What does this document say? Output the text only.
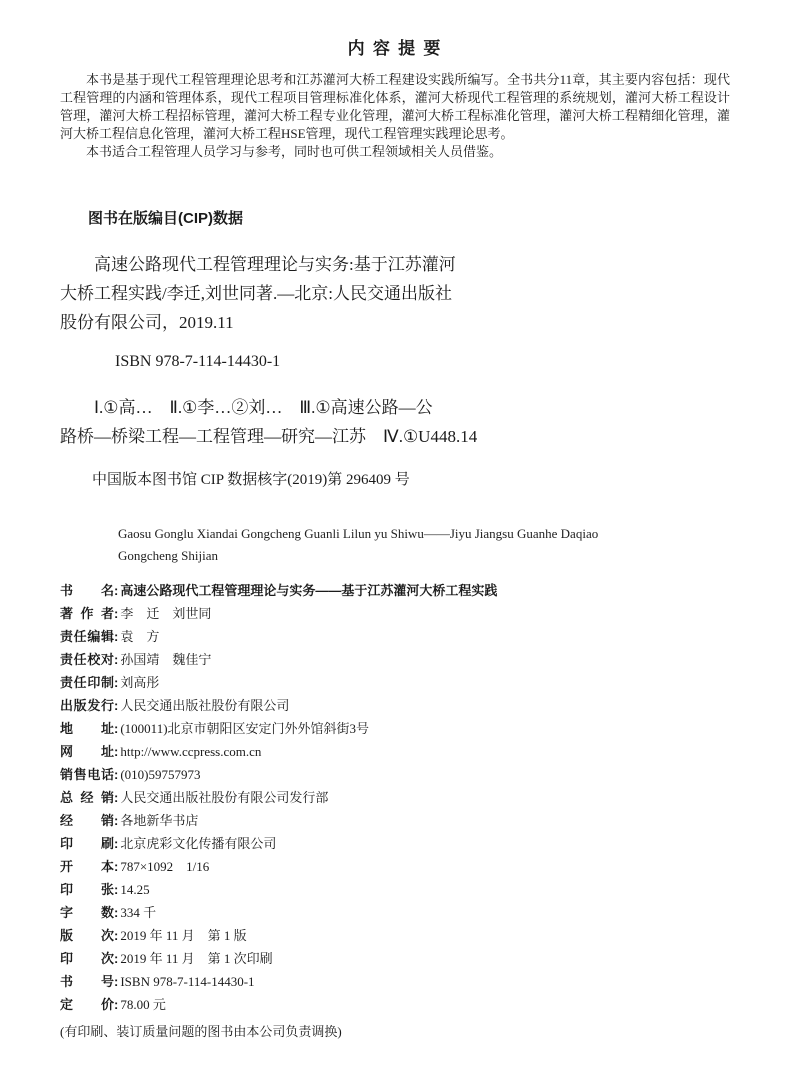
内 容 提 要

本书是基于现代工程管理理论思考和江苏灌河大桥工程建设实践所编写。全书共分11章，其主要内容包括：现代工程管理的内涵和管理体系，现代工程项目管理标准化体系，灌河大桥现代工程管理的系统规划，灌河大桥工程设计管理，灌河大桥工程招标管理，灌河大桥工程专业化管理，灌河大桥工程标准化管理，灌河大桥工程精细化管理，灌河大桥工程信息化管理，灌河大桥工程HSE管理，现代工程管理实践理论思考。

本书适合工程管理人员学习与参考，同时也可供工程领域相关人员借鉴。

图书在版编目(CIP)数据
高速公路现代工程管理理论与实务:基于江苏灌河
大桥工程实践/李迁,刘世同著.—北京:人民交通出版社
股份有限公司，2019.11
ISBN 978-7-114-14430-1
Ⅰ.①高…　Ⅱ.①李…②刘…　Ⅲ.①高速公路—公
路桥—桥梁工程—工程管理—研究—江苏　Ⅳ.①U448.14
中国版本图书馆 CIP 数据核字(2019)第 296409 号
Gaosu Gonglu Xiandai Gongcheng Guanli Lilun yu Shiwu——Jiyu Jiangsu Guanhe Daqiao
Gongcheng Shijian
书名 : 高速公路现代工程管理理论与实务——基于江苏灌河大桥工程实践
著作者 : 李　迁　刘世同
责任编辑 : 袁　方
责任校对 : 孙国靖　魏佳宁
责任印制 : 刘高彤
出版发行 : 人民交通出版社股份有限公司
地址 : (100011)北京市朝阳区安定门外外馆斜街3号
网址 : http://www.ccpress.com.cn
销售电话 : (010)59757973
总经销 : 人民交通出版社股份有限公司发行部
经销 : 各地新华书店
印刷 : 北京虎彩文化传播有限公司
开本 : 787×1092　1/16
印张 : 14.25
字数 : 334 千
版次 : 2019 年 11 月　第 1 版
印次 : 2019 年 11 月　第 1 次印刷
书号 : ISBN 978-7-114-14430-1
定价 : 78.00 元
(有印刷、装订质量问题的图书由本公司负责调换)
